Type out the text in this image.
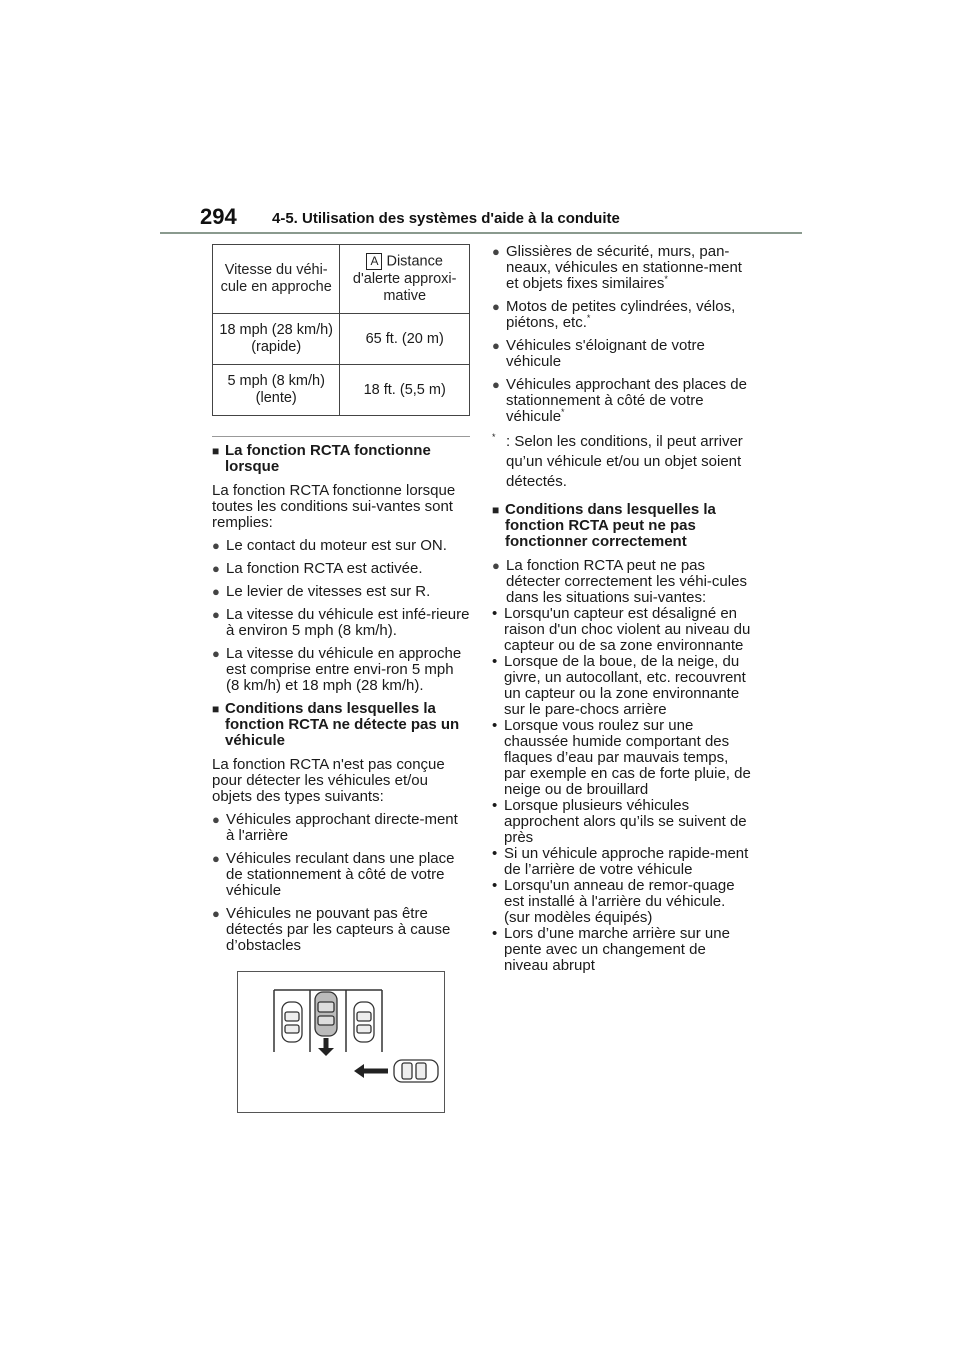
294 4-5. Utilisation des systèmes d'aide à la conduite
Vitesse du véhi-cule en approche	A Distance d'alerte approxi-mative
18 mph (28 km/h) (rapide)	65 ft. (20 m)
5 mph (8 km/h) (lente)	18 ft. (5,5 m)
■ La fonction RCTA fonctionne lorsque

La fonction RCTA fonctionne lorsque toutes les conditions sui-vantes sont remplies:

● Le contact du moteur est sur ON.
● La fonction RCTA est activée.
● Le levier de vitesses est sur R.
● La vitesse du véhicule est infé-rieure à environ 5 mph (8 km/h).
● La vitesse du véhicule en approche est comprise entre envi-ron 5 mph (8 km/h) et 18 mph (28 km/h).
■ Conditions dans lesquelles la fonction RCTA ne détecte pas un véhicule

La fonction RCTA n'est pas conçue pour détecter les véhicules et/ou objets des types suivants:

● Véhicules approchant directe-ment à l'arrière
● Véhicules reculant dans une place de stationnement à côté de votre véhicule
● Véhicules ne pouvant pas être détectés par les capteurs à cause d’obstacles
● Glissières de sécurité, murs, pan-neaux, véhicules en stationne-ment et objets fixes similaires*
● Motos de petites cylindrées, vélos, piétons, etc.*
● Véhicules s'éloignant de votre véhicule
● Véhicules approchant des places de stationnement à côté de votre véhicule*
* : Selon les conditions, il peut arriver qu’un véhicule et/ou un objet soient détectés.
■ Conditions dans lesquelles la fonction RCTA peut ne pas fonctionner correctement
● La fonction RCTA peut ne pas détecter correctement les véhi-cules dans les situations sui-vantes:
• Lorsqu'un capteur est désaligné en raison d'un choc violent au niveau du capteur ou de sa zone environnante
• Lorsque de la boue, de la neige, du givre, un autocollant, etc. recouvrent un capteur ou la zone environnante sur le pare-chocs arrière
• Lorsque vous roulez sur une chaussée humide comportant des flaques d’eau par mauvais temps, par exemple en cas de forte pluie, de neige ou de brouillard
• Lorsque plusieurs véhicules approchent alors qu’ils se suivent de près
• Si un véhicule approche rapide-ment de l’arrière de votre véhicule
• Lorsqu'un anneau de remor-quage est installé à l'arrière du véhicule. (sur modèles équipés)
• Lors d’une marche arrière sur une pente avec un changement de niveau abrupt
